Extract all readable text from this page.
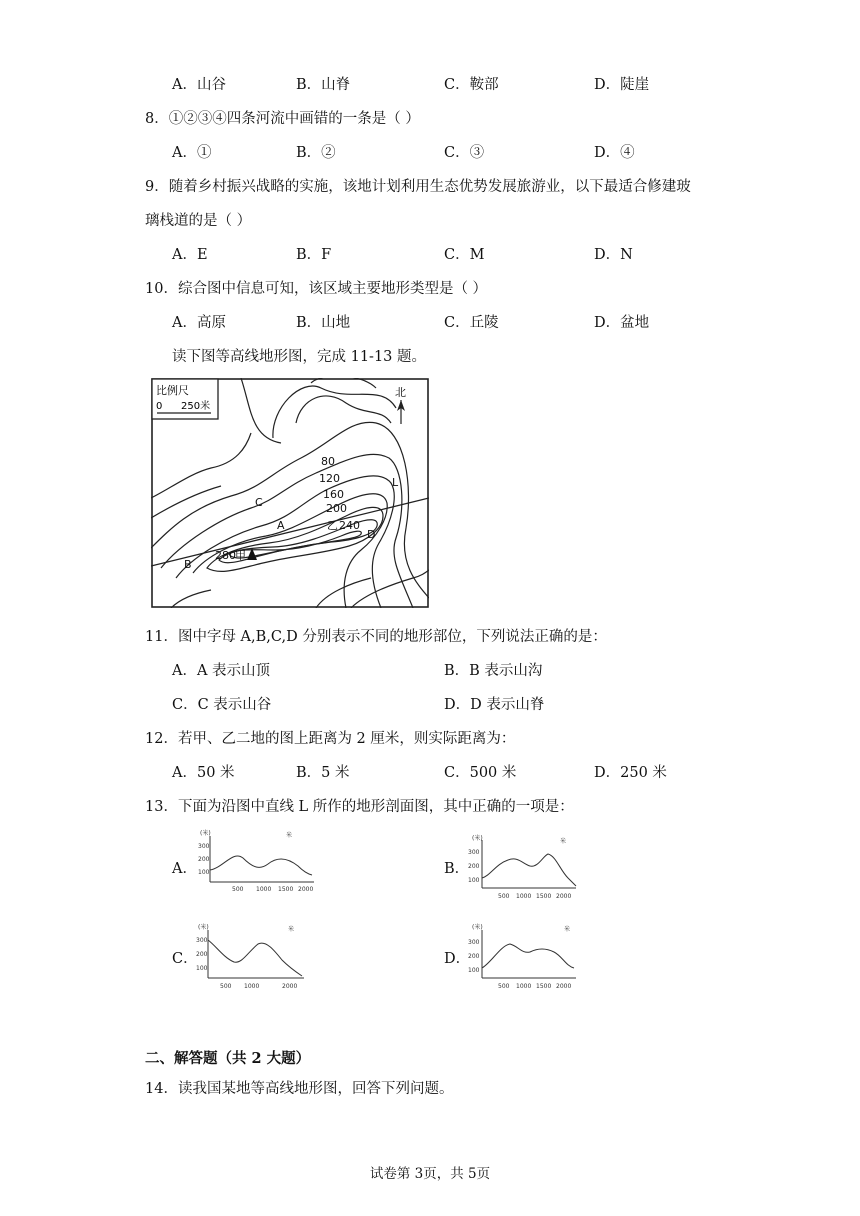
A．山谷	B．山脊	C．鞍部	D．陡崖
8．①②③④四条河流中画错的一条是（ ）
A．①	B．②	C．③	D．④
9．随着乡村振兴战略的实施，该地计划利用生态优势发展旅游业，以下最适合修建玻
璃栈道的是（ ）
A．E	B．F	C．M	D．N
10．综合图中信息可知，该区域主要地形类型是（ ）
A．高原	B．山地	C．丘陵	D．盆地
读下图等高线地形图，完成 11-13 题。
比例尺
0 250米
北
80
120
160
200
240
280
C
A
B
D
L
甲
乙
11．图中字母 A,B,C,D 分别表示不同的地形部位，下列说法正确的是：
A．A 表示山顶	B．B 表示山沟
C．C 表示山谷	D．D 表示山脊
12．若甲、乙二地的图上距离为 2 厘米，则实际距离为：
A．50 米	B．5 米	C．500 米	D．250 米
13．下面为沿图中直线 L 所作的地形剖面图，其中正确的一项是：
A．
(米)	米
300
200
100
500 1000 1500 2000
B．
(米)	米
300
200
100
500 1000 1500 2000
C．
(米)	米
300
200
100
500 1000	2000
D．
(米)	米
300
200
100
500 1000 1500 2000
二、解答题（共 2 大题）
14．读我国某地等高线地形图，回答下列问题。
试卷第 3页，共 5页
